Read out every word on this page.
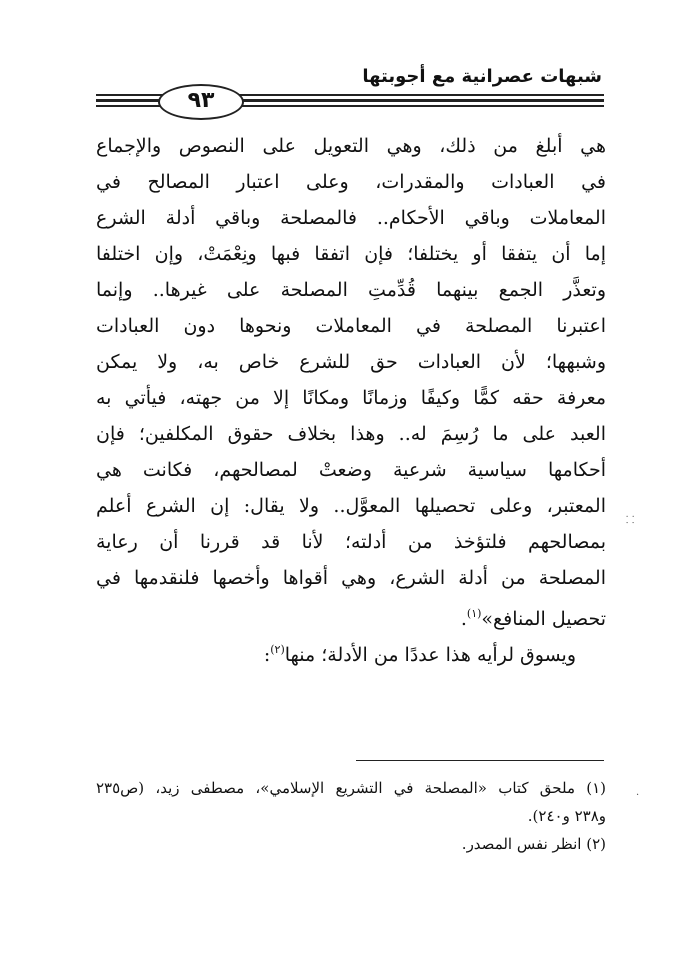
شبهات عصرانية مع أجوبتها
٩٣
هي أبلغ من ذلك، وهي التعويل على النصوص والإجماع
في العبادات والمقدرات، وعلى اعتبار المصالح في
المعاملات وباقي الأحكام.. فالمصلحة وباقي أدلة الشرع
إما أن يتفقا أو يختلفا؛ فإن اتفقا فبها ونِعْمَتْ، وإن اختلفا
وتعذَّر الجمع بينهما قُدِّمتِ المصلحة على غيرها.. وإنما
اعتبرنا المصلحة في المعاملات ونحوها دون العبادات
وشبهها؛ لأن العبادات حق للشرع خاص به، ولا يمكن
معرفة حقه كمًّا وكيفًا وزمانًا ومكانًا إلا من جهته، فيأتي به
العبد على ما رُسِمَ له.. وهذا بخلاف حقوق المكلفين؛ فإن
أحكامها سياسية شرعية وضعتْ لمصالحهم، فكانت هي
المعتبر، وعلى تحصيلها المعوَّل.. ولا يقال: إن الشرع أعلم
بمصالحهم فلتؤخذ من أدلته؛ لأنا قد قررنا أن رعاية
المصلحة من أدلة الشرع، وهي أقواها وأخصها فلنقدمها في
تحصيل المنافع»$^{(١)}$.
ويسوق لرأيه هذا عددًا من الأدلة؛ منها$^{(٢)}$:
(١) ملحق كتاب «المصلحة في التشريع الإسلامي»، مصطفى زيد، (ص٢٣٥
و٢٣٨ و٢٤٠).
(٢) انظر نفس المصدر.
⸬
·
